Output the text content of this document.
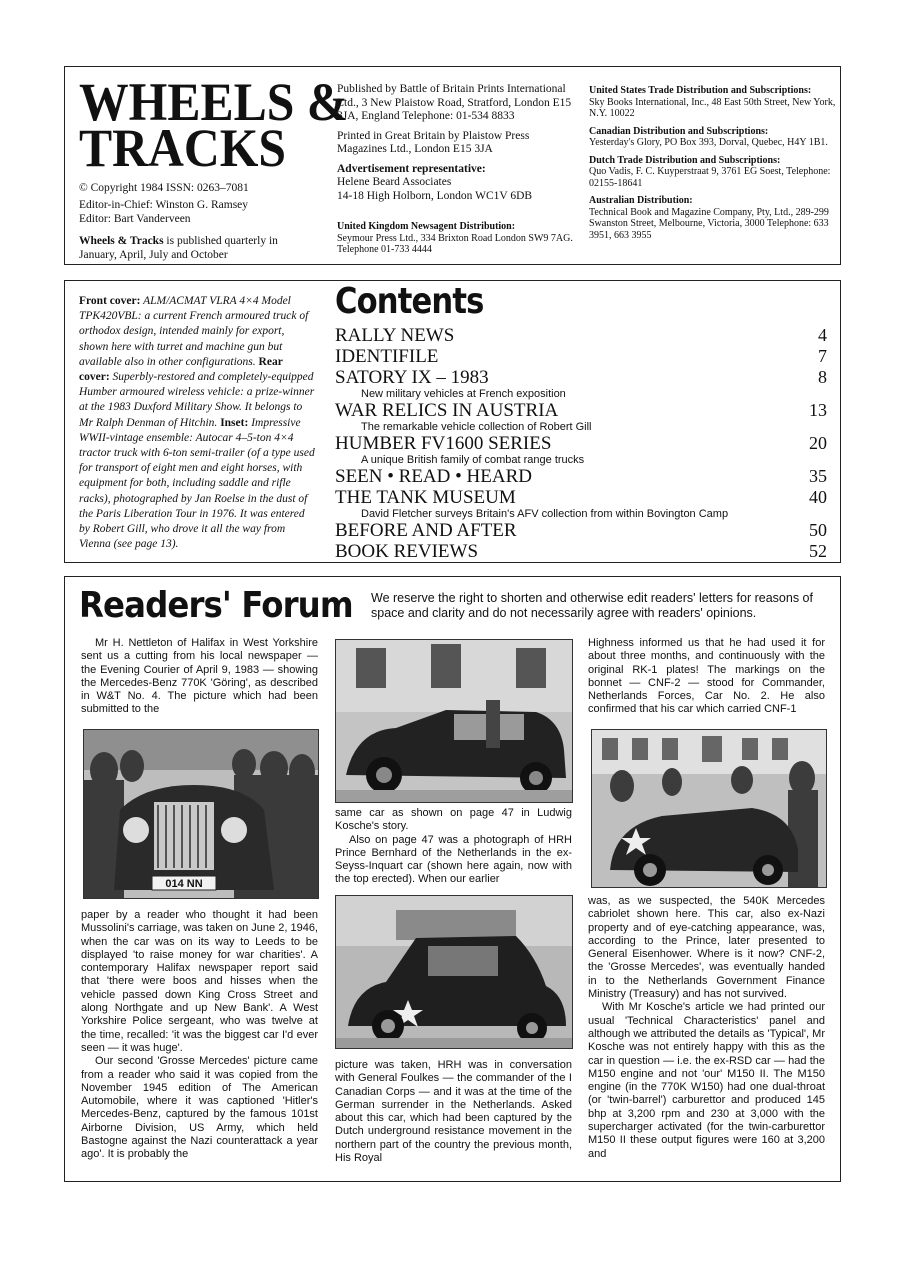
WHEELS &
TRACKS

© Copyright 1984 ISSN: 0263–7081

Editor-in-Chief: Winston G. Ramsey

Editor: Bart Vanderveen

Wheels & Tracks is published quarterly in January, April, July and October

Published by Battle of Britain Prints International Ltd., 3 New Plaistow Road, Stratford, London E15 3JA, England Telephone: 01-534 8833

Printed in Great Britain by Plaistow Press Magazines Ltd., London E15 3JA

Advertisement representative:
Helene Beard Associates
14-18 High Holborn, London WC1V 6DB

United Kingdom Newsagent Distribution:
Seymour Press Ltd., 334 Brixton Road London SW9 7AG. Telephone 01-733 4444

United States Trade Distribution and Subscriptions:
Sky Books International, Inc., 48 East 50th Street, New York, N.Y. 10022

Canadian Distribution and Subscriptions:
Yesterday's Glory, PO Box 393, Dorval, Quebec, H4Y 1B1.

Dutch Trade Distribution and Subscriptions:
Quo Vadis, F. C. Kuyperstraat 9, 3761 EG Soest, Telephone: 02155-18641

Australian Distribution:
Technical Book and Magazine Company, Pty, Ltd., 289-299 Swanston Street, Melbourne, Victoria, 3000 Telephone: 633 3951, 663 3955

Front cover: ALM/ACMAT VLRA 4×4 Model TPK420VBL: a current French armoured truck of orthodox design, intended mainly for export, shown here with turret and machine gun but available also in other configurations. Rear cover: Superbly-restored and completely-equipped Humber armoured wireless vehicle: a prize-winner at the 1983 Duxford Military Show. It belongs to Mr Ralph Denman of Hitchin. Inset: Impressive WWII-vintage ensemble: Autocar 4–5-ton 4×4 tractor truck with 6-ton semi-trailer (of a type used for transport of eight men and eight horses, with equipment for both, including saddle and rifle racks), photographed by Jan Roelse in the dust of the Paris Liberation Tour in 1976. It was entered by Robert Gill, who drove it all the way from Vienna (see page 13).
Contents
RALLY NEWS	4
IDENTIFILE	7
SATORY IX – 1983	8
New military vehicles at French exposition
WAR RELICS IN AUSTRIA	13
The remarkable vehicle collection of Robert Gill
HUMBER FV1600 SERIES	20
A unique British family of combat range trucks
SEEN • READ • HEARD	35
THE TANK MUSEUM	40
David Fletcher surveys Britain's AFV collection from within Bovington Camp
BEFORE AND AFTER	50
BOOK REVIEWS	52
Readers' Forum We reserve the right to shorten and otherwise edit readers' letters for reasons of space and clarity and do not necessarily agree with readers' opinions.

Mr H. Nettleton of Halifax in West Yorkshire sent us a cutting from his local newspaper — the Evening Courier of April 9, 1983 — showing the Mercedes-Benz 770K 'Göring', as described in W&T No. 4. The picture which had been submitted to the

014 NN

paper by a reader who thought it had been Mussolini's carriage, was taken on June 2, 1946, when the car was on its way to Leeds to be displayed 'to raise money for war charities'. A contemporary Halifax newspaper report said that 'there were boos and hisses when the vehicle passed down King Cross Street and along Northgate and up New Bank'. A West Yorkshire Police sergeant, who was twelve at the time, recalled: 'it was the biggest car I'd ever seen — it was huge'.

Our second 'Grosse Mercedes' picture came from a reader who said it was copied from the November 1945 edition of The American Automobile, where it was captioned 'Hitler's Mercedes-Benz, captured by the famous 101st Airborne Division, US Army, which held Bastogne against the Nazi counterattack a year ago'. It is probably the

same car as shown on page 47 in Ludwig Kosche's story.

Also on page 47 was a photograph of HRH Prince Bernhard of the Netherlands in the ex-Seyss-Inquart car (shown here again, now with the top erected). When our earlier

picture was taken, HRH was in conversation with General Foulkes — the commander of the I Canadian Corps — and it was at the time of the German surrender in the Netherlands. Asked about this car, which had been captured by the Dutch underground resistance movement in the northern part of the country the previous month, His Royal

Highness informed us that he had used it for about three months, and continuously with the original RK-1 plates! The markings on the bonnet — CNF-2 — stood for Commander, Netherlands Forces, Car No. 2. He also confirmed that his car which carried CNF-1

was, as we suspected, the 540K Mercedes cabriolet shown here. This car, also ex-Nazi property and of eye-catching appearance, was, according to the Prince, later presented to General Eisenhower. Where is it now? CNF-2, the 'Grosse Mercedes', was eventually handed in to the Netherlands Government Finance Ministry (Treasury) and has not survived.

With Mr Kosche's article we had printed our usual 'Technical Characteristics' panel and although we attributed the details as 'Typical', Mr Kosche was not entirely happy with this as the car in question — i.e. the ex-RSD car — had the M150 engine and not 'our' M150 II. The M150 engine (in the 770K W150) had one dual-throat (or 'twin-barrel') carburettor and produced 145 bhp at 3,200 rpm and 230 at 3,000 with the supercharger activated (for the twin-carburettor M150 II these output figures were 160 at 3,200 and
